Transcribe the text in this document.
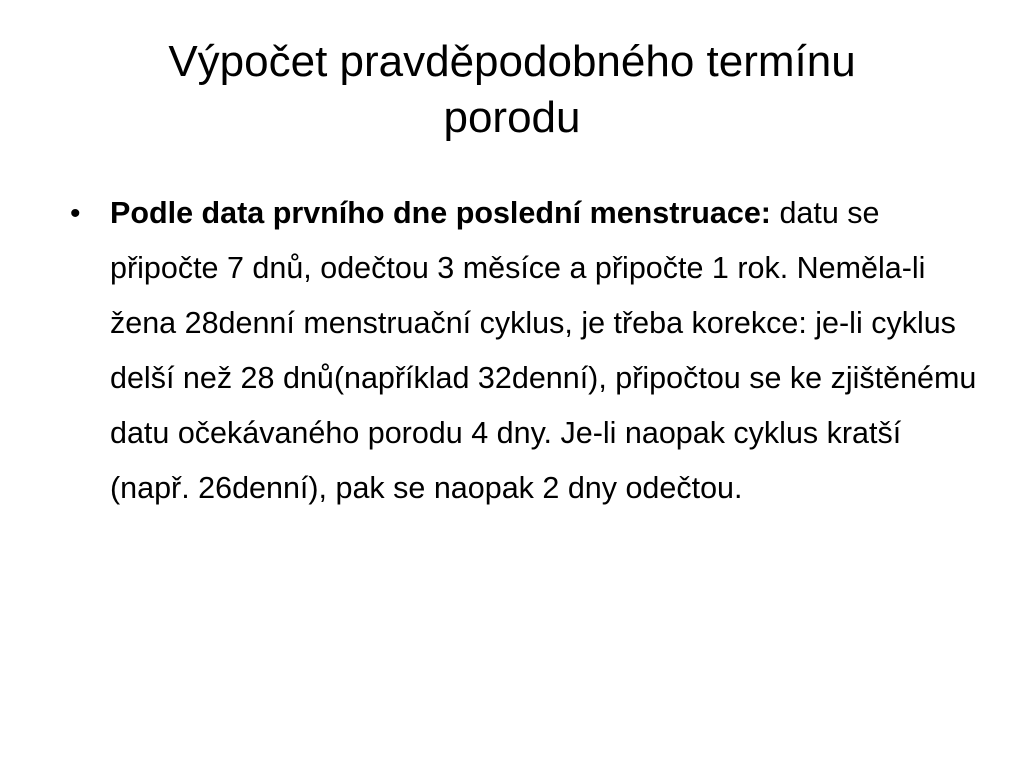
Výpočet pravděpodobného termínu
porodu
• Podle data prvního dne poslední menstruace: datu se připočte 7 dnů, odečtou 3 měsíce a připočte 1 rok. Neměla-li žena 28denní menstruační cyklus, je třeba korekce: je-li cyklus delší než 28 dnů(například 32denní), připočtou se ke zjištěnému datu očekávaného porodu 4 dny. Je-li naopak cyklus kratší (např. 26denní), pak se naopak 2 dny odečtou.
